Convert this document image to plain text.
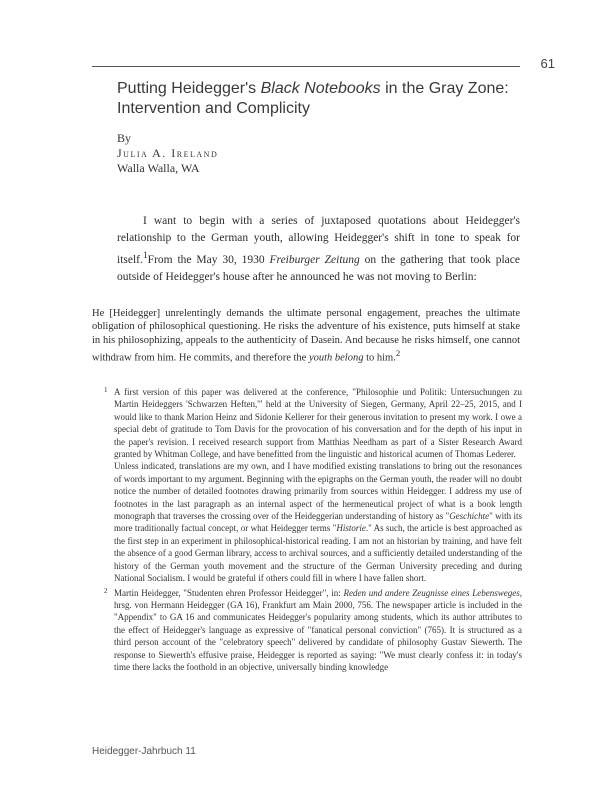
61
Putting Heidegger's Black Notebooks in the Gray Zone:
Intervention and Complicity
By
Julia A. Ireland
Walla Walla, WA
I want to begin with a series of juxtaposed quotations about Heidegger's relationship to the German youth, allowing Heidegger's shift in tone to speak for itself.$^1$From the May 30, 1930 Freiburger Zeitung on the gathering that took place outside of Heidegger's house after he announced he was not moving to Berlin:
He [Heidegger] unrelentingly demands the ultimate personal engagement, preaches the ultimate obligation of philosophical questioning. He risks the adventure of his existence, puts himself at stake in his philosophizing, appeals to the authenticity of Dasein. And because he risks himself, one cannot withdraw from him. He commits, and therefore the youth belong to him.$^2$
1 A first version of this paper was delivered at the conference, "Philosophie und Politik: Untersuchungen zu Martin Heideggers 'Schwarzen Heften,'" held at the University of Siegen, Germany, April 22–25, 2015, and I would like to thank Marion Heinz and Sidonie Kellerer for their generous invitation to present my work. I owe a special debt of gratitude to Tom Davis for the provocation of his conversation and for the depth of his input in the paper's revision. I received research support from Matthias Needham as part of a Sister Research Award granted by Whitman College, and have benefitted from the linguistic and historical acumen of Thomas Lederer.
Unless indicated, translations are my own, and I have modified existing translations to bring out the resonances of words important to my argument. Beginning with the epigraphs on the German youth, the reader will no doubt notice the number of detailed footnotes drawing primarily from sources within Heidegger. I address my use of footnotes in the last paragraph as an internal aspect of the hermeneutical project of what is a book length monograph that traverses the crossing over of the Heideggerian understanding of history as "Geschichte" with its more traditionally factual concept, or what Heidegger terms "Historie." As such, the article is best approached as the first step in an experiment in philosophical-historical reading. I am not an historian by training, and have felt the absence of a good German library, access to archival sources, and a sufficiently detailed understanding of the history of the German youth movement and the structure of the German University preceding and during National Socialism. I would be grateful if others could fill in where I have fallen short.
2 Martin Heidegger, "Studenten ehren Professor Heidegger", in: Reden und andere Zeugnisse eines Lebensweges, hrsg. von Hermann Heidegger (GA 16), Frankfurt am Main 2000, 756. The newspaper article is included in the "Appendix" to GA 16 and communicates Heidegger's popularity among students, which its author attributes to the effect of Heidegger's language as expressive of "fanatical personal conviction" (765). It is structured as a third person account of the "celebratory speech" delivered by candidate of philosophy Gustav Siewerth. The response to Siewerth's effusive praise, Heidegger is reported as saying: "We must clearly confess it: in today's time there lacks the foothold in an objective, universally binding knowledge
Heidegger-Jahrbuch 11
